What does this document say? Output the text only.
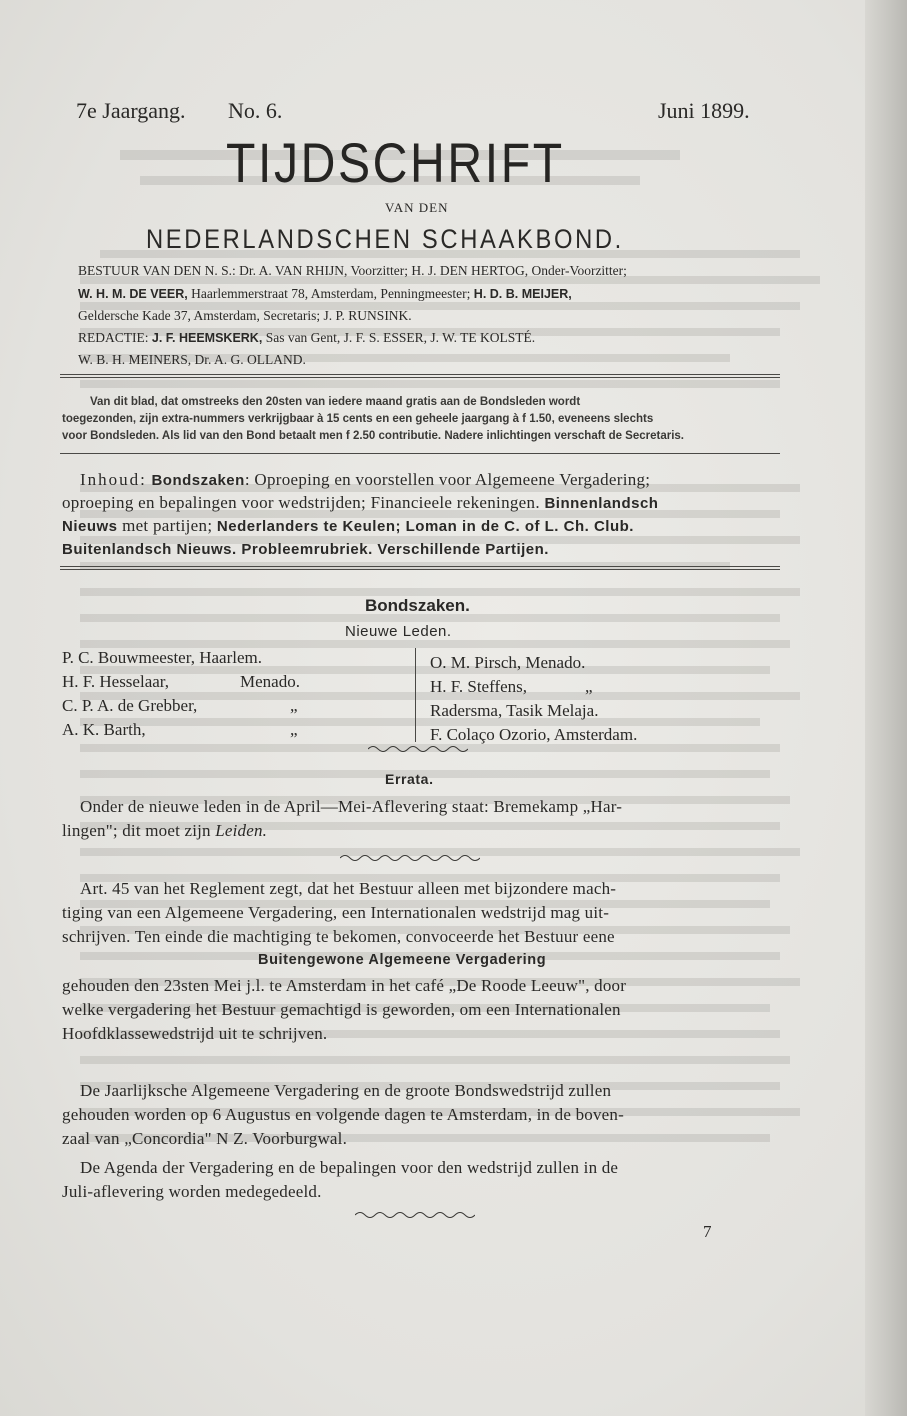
7e Jaargang. No. 6.	Juni 1899.
TIJDSCHRIFT
VAN DEN
NEDERLANDSCHEN SCHAAKBOND.
BESTUUR VAN DEN N. S.: Dr. A. VAN RHIJN, Voorzitter; H. J. DEN HERTOG, Onder-Voorzitter;
W. H. M. DE VEER, Haarlemmerstraat 78, Amsterdam, Penningmeester; H. D. B. MEIJER,
Geldersche Kade 37, Amsterdam, Secretaris; J. P. RUNSINK.
REDACTIE: J. F. HEEMSKERK, Sas van Gent, J. F. S. ESSER, J. W. TE KOLSTÉ.
W. B. H. MEINERS, Dr. A. G. OLLAND.
Van dit blad, dat omstreeks den 20sten van iedere maand gratis aan de Bondsleden wordt
toegezonden, zijn extra-nummers verkrijgbaar à 15 cents en een geheele jaargang à f 1.50, eveneens slechts
voor Bondsleden. Als lid van den Bond betaalt men f 2.50 contributie. Nadere inlichtingen verschaft de Secretaris.
Inhoud: Bondszaken: Oproeping en voorstellen voor Algemeene Vergadering;
oproeping en bepalingen voor wedstrijden; Financieele rekeningen. Binnenlandsch
Nieuws met partijen; Nederlanders te Keulen; Loman in de C. of L. Ch. Club.
Buitenlandsch Nieuws. Probleemrubriek. Verschillende Partijen.
Bondszaken.
Nieuwe Leden.
P. C. Bouwmeester, Haarlem.
H. F. Hesselaar,	Menado.
C. P. A. de Grebber,	„
A. K. Barth,	„
O. M. Pirsch, Menado.
H. F. Steffens,	„
Radersma, Tasik Melaja.
F. Colaço Ozorio, Amsterdam.
Errata.
Onder de nieuwe leden in de April—Mei-Aflevering staat: Bremekamp „Har-
lingen"; dit moet zijn Leiden.
Art. 45 van het Reglement zegt, dat het Bestuur alleen met bijzondere mach-
tiging van een Algemeene Vergadering, een Internationalen wedstrijd mag uit-
schrijven. Ten einde die machtiging te bekomen, convoceerde het Bestuur eene
Buitengewone Algemeene Vergadering
gehouden den 23sten Mei j.l. te Amsterdam in het café „De Roode Leeuw", door
welke vergadering het Bestuur gemachtigd is geworden, om een Internationalen
Hoofdklassewedstrijd uit te schrijven.
De Jaarlijksche Algemeene Vergadering en de groote Bondswedstrijd zullen
gehouden worden op 6 Augustus en volgende dagen te Amsterdam, in de boven-
zaal van „Concordia" N Z. Voorburgwal.
De Agenda der Vergadering en de bepalingen voor den wedstrijd zullen in de
Juli-aflevering worden medegedeeld.
7
